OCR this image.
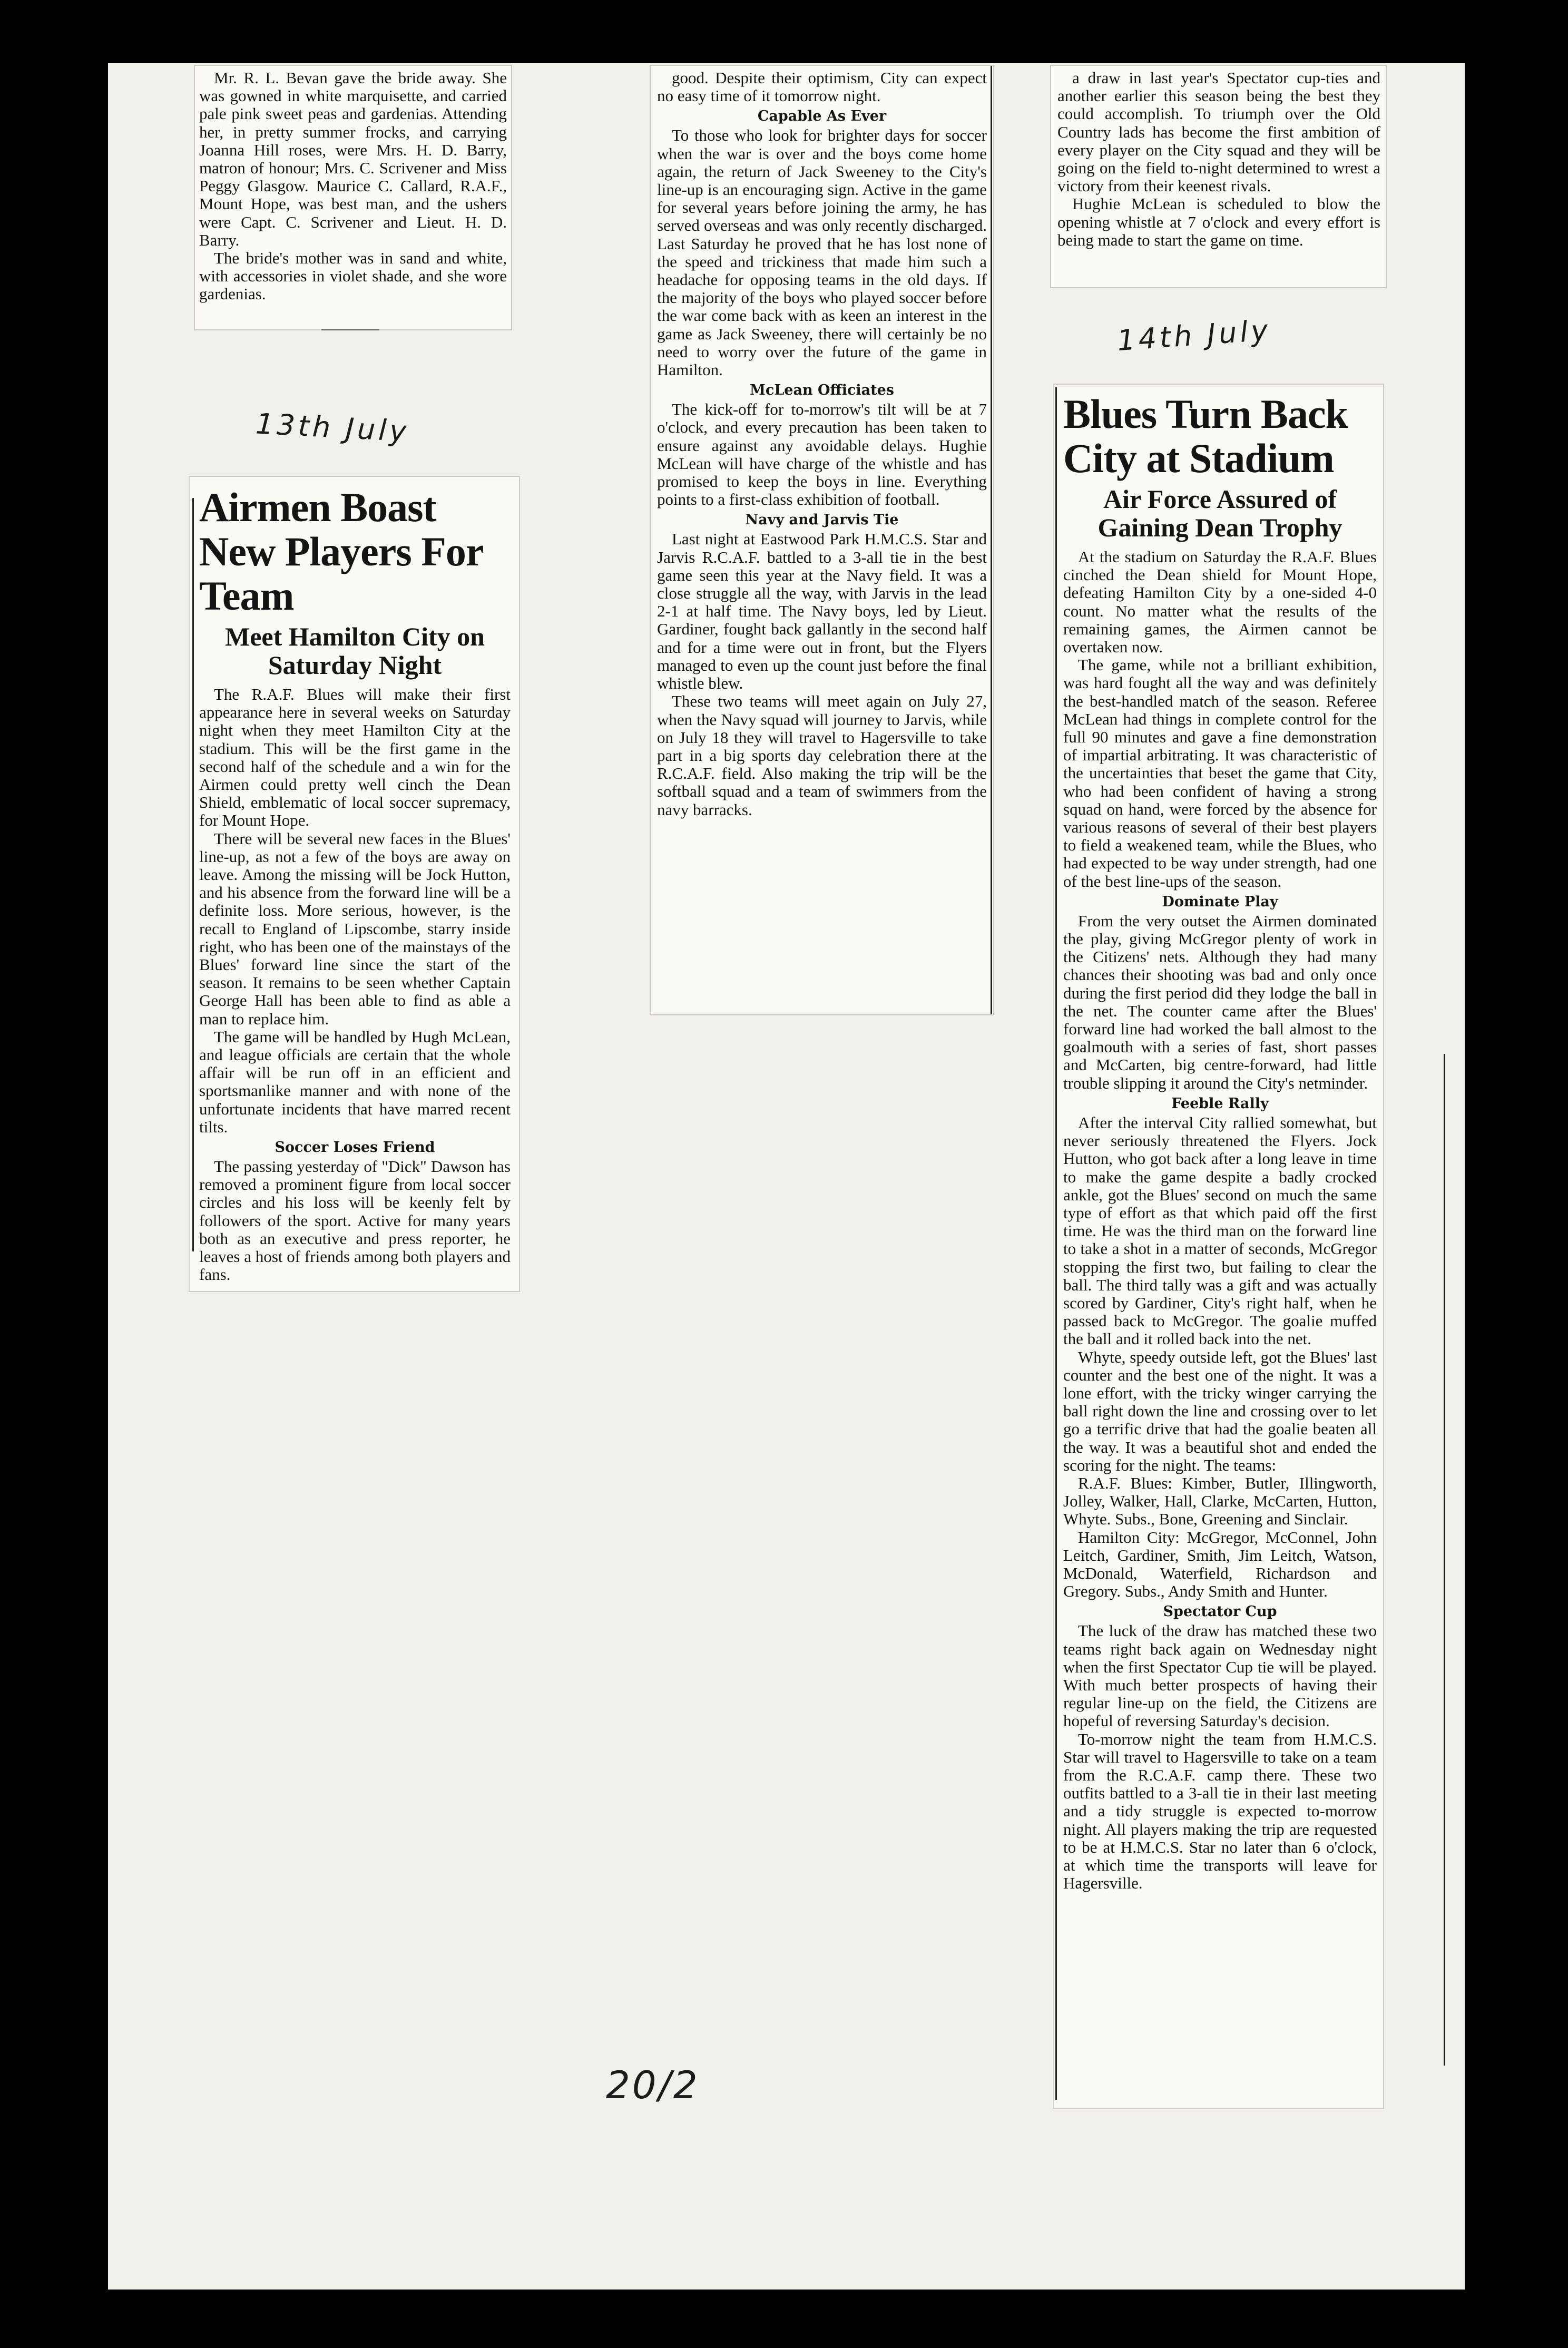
Mr. R. L. Bevan gave the bride away. She was gowned in white marquisette, and carried pale pink sweet peas and gardenias. Attending her, in pretty summer frocks, and carrying Joanna Hill roses, were Mrs. H. D. Barry, matron of honour; Mrs. C. Scrivener and Miss Peggy Glasgow. Maurice C. Callard, R.A.F., Mount Hope, was best man, and the ushers were Capt. C. Scrivener and Lieut. H. D. Barry.

The bride's mother was in sand and white, with accessories in violet shade, and she wore gardenias.

13th July
Airmen Boast New Players For Team
Meet Hamilton City on Saturday Night

The R.A.F. Blues will make their first appearance here in several weeks on Saturday night when they meet Hamilton City at the stadium. This will be the first game in the second half of the schedule and a win for the Airmen could pretty well cinch the Dean Shield, emblematic of local soccer supremacy, for Mount Hope.

There will be several new faces in the Blues' line-up, as not a few of the boys are away on leave. Among the missing will be Jock Hutton, and his absence from the forward line will be a definite loss. More serious, however, is the recall to England of Lipscombe, starry inside right, who has been one of the mainstays of the Blues' forward line since the start of the season. It remains to be seen whether Captain George Hall has been able to find as able a man to replace him.

The game will be handled by Hugh McLean, and league officials are certain that the whole affair will be run off in an efficient and sportsmanlike manner and with none of the unfortunate incidents that have marred recent tilts.

Soccer Loses Friend

The passing yesterday of "Dick" Dawson has removed a prominent figure from local soccer circles and his loss will be keenly felt by followers of the sport. Active for many years both as an executive and press reporter, he leaves a host of friends among both players and fans.

good. Despite their optimism, City can expect no easy time of it tomorrow night.

Capable As Ever

To those who look for brighter days for soccer when the war is over and the boys come home again, the return of Jack Sweeney to the City's line-up is an encouraging sign. Active in the game for several years before joining the army, he has served overseas and was only recently discharged. Last Saturday he proved that he has lost none of the speed and trickiness that made him such a headache for opposing teams in the old days. If the majority of the boys who played soccer before the war come back with as keen an interest in the game as Jack Sweeney, there will certainly be no need to worry over the future of the game in Hamilton.

McLean Officiates

The kick-off for to-morrow's tilt will be at 7 o'clock, and every precaution has been taken to ensure against any avoidable delays. Hughie McLean will have charge of the whistle and has promised to keep the boys in line. Everything points to a first-class exhibition of football.

Navy and Jarvis Tie

Last night at Eastwood Park H.M.C.S. Star and Jarvis R.C.A.F. battled to a 3-all tie in the best game seen this year at the Navy field. It was a close struggle all the way, with Jarvis in the lead 2-1 at half time. The Navy boys, led by Lieut. Gardiner, fought back gallantly in the second half and for a time were out in front, but the Flyers managed to even up the count just before the final whistle blew.

These two teams will meet again on July 27, when the Navy squad will journey to Jarvis, while on July 18 they will travel to Hagersville to take part in a big sports day celebration there at the R.C.A.F. field. Also making the trip will be the softball squad and a team of swimmers from the navy barracks.

a draw in last year's Spectator cup-ties and another earlier this season being the best they could accomplish. To triumph over the Old Country lads has become the first ambition of every player on the City squad and they will be going on the field to-night determined to wrest a victory from their keenest rivals.

Hughie McLean is scheduled to blow the opening whistle at 7 o'clock and every effort is being made to start the game on time.

14th July
Blues Turn Back City at Stadium
Air Force Assured of Gaining Dean Trophy

At the stadium on Saturday the R.A.F. Blues cinched the Dean shield for Mount Hope, defeating Hamilton City by a one-sided 4-0 count. No matter what the results of the remaining games, the Airmen cannot be overtaken now.

The game, while not a brilliant exhibition, was hard fought all the way and was definitely the best-handled match of the season. Referee McLean had things in complete control for the full 90 minutes and gave a fine demonstration of impartial arbitrating. It was characteristic of the uncertainties that beset the game that City, who had been confident of having a strong squad on hand, were forced by the absence for various reasons of several of their best players to field a weakened team, while the Blues, who had expected to be way under strength, had one of the best line-ups of the season.

Dominate Play

From the very outset the Airmen dominated the play, giving McGregor plenty of work in the Citizens' nets. Although they had many chances their shooting was bad and only once during the first period did they lodge the ball in the net. The counter came after the Blues' forward line had worked the ball almost to the goalmouth with a series of fast, short passes and McCarten, big centre-forward, had little trouble slipping it around the City's netminder.

Feeble Rally

After the interval City rallied somewhat, but never seriously threatened the Flyers. Jock Hutton, who got back after a long leave in time to make the game despite a badly crocked ankle, got the Blues' second on much the same type of effort as that which paid off the first time. He was the third man on the forward line to take a shot in a matter of seconds, McGregor stopping the first two, but failing to clear the ball. The third tally was a gift and was actually scored by Gardiner, City's right half, when he passed back to McGregor. The goalie muffed the ball and it rolled back into the net.

Whyte, speedy outside left, got the Blues' last counter and the best one of the night. It was a lone effort, with the tricky winger carrying the ball right down the line and crossing over to let go a terrific drive that had the goalie beaten all the way. It was a beautiful shot and ended the scoring for the night. The teams:

R.A.F. Blues: Kimber, Butler, Illingworth, Jolley, Walker, Hall, Clarke, McCarten, Hutton, Whyte. Subs., Bone, Greening and Sinclair.

Hamilton City: McGregor, McConnel, John Leitch, Gardiner, Smith, Jim Leitch, Watson, McDonald, Waterfield, Richardson and Gregory. Subs., Andy Smith and Hunter.

Spectator Cup

The luck of the draw has matched these two teams right back again on Wednesday night when the first Spectator Cup tie will be played. With much better prospects of having their regular line-up on the field, the Citizens are hopeful of reversing Saturday's decision.

To-morrow night the team from H.M.C.S. Star will travel to Hagersville to take on a team from the R.C.A.F. camp there. These two outfits battled to a 3-all tie in their last meeting and a tidy struggle is expected to-morrow night. All players making the trip are requested to be at H.M.C.S. Star no later than 6 o'clock, at which time the transports will leave for Hagersville.

20/2
